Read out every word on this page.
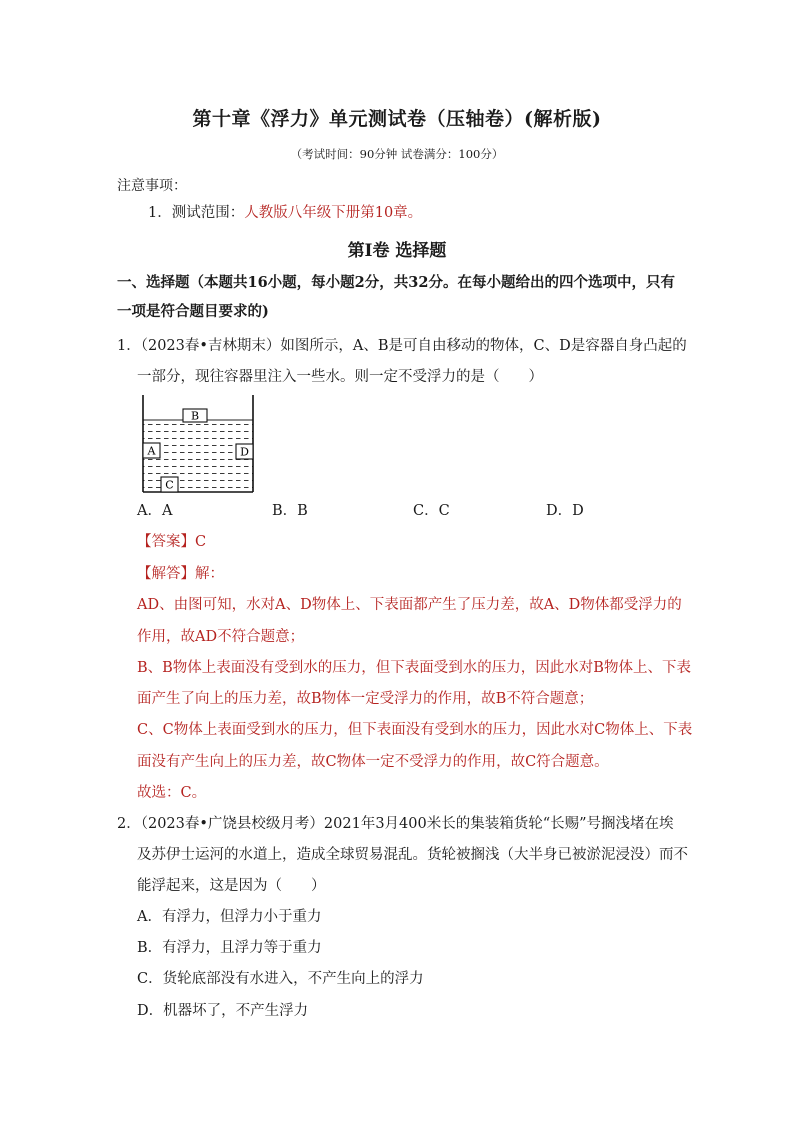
第十章《浮力》单元测试卷（压轴卷）(解析版)
（考试时间：90分钟 试卷满分：100分）
注意事项：
1．测试范围：人教版八年级下册第10章。
第Ⅰ卷 选择题
一、选择题（本题共16小题，每小题2分，共32分。在每小题给出的四个选项中，只有
一项是符合题目要求的)
1．（2023春•吉林期末）如图所示，A、B是可自由移动的物体，C、D是容器自身凸起的
一部分，现往容器里注入一些水。则一定不受浮力的是（　　）
B
A	D
C
A．A	B．B	C．C	D．D
【答案】C
【解答】解：
AD、由图可知，水对A、D物体上、下表面都产生了压力差，故A、D物体都受浮力的
作用，故AD不符合题意；
B、B物体上表面没有受到水的压力，但下表面受到水的压力，因此水对B物体上、下表
面产生了向上的压力差，故B物体一定受浮力的作用，故B不符合题意；
C、C物体上表面受到水的压力，但下表面没有受到水的压力，因此水对C物体上、下表
面没有产生向上的压力差，故C物体一定不受浮力的作用，故C符合题意。
故选：C。
2．（2023春•广饶县校级月考）2021年3月400米长的集装箱货轮“长赐”号搁浅堵在埃
及苏伊士运河的水道上，造成全球贸易混乱。货轮被搁浅（大半身已被淤泥浸没）而不
能浮起来，这是因为（　　）
A．有浮力，但浮力小于重力
B．有浮力，且浮力等于重力
C．货轮底部没有水进入，不产生向上的浮力
D．机器坏了，不产生浮力
